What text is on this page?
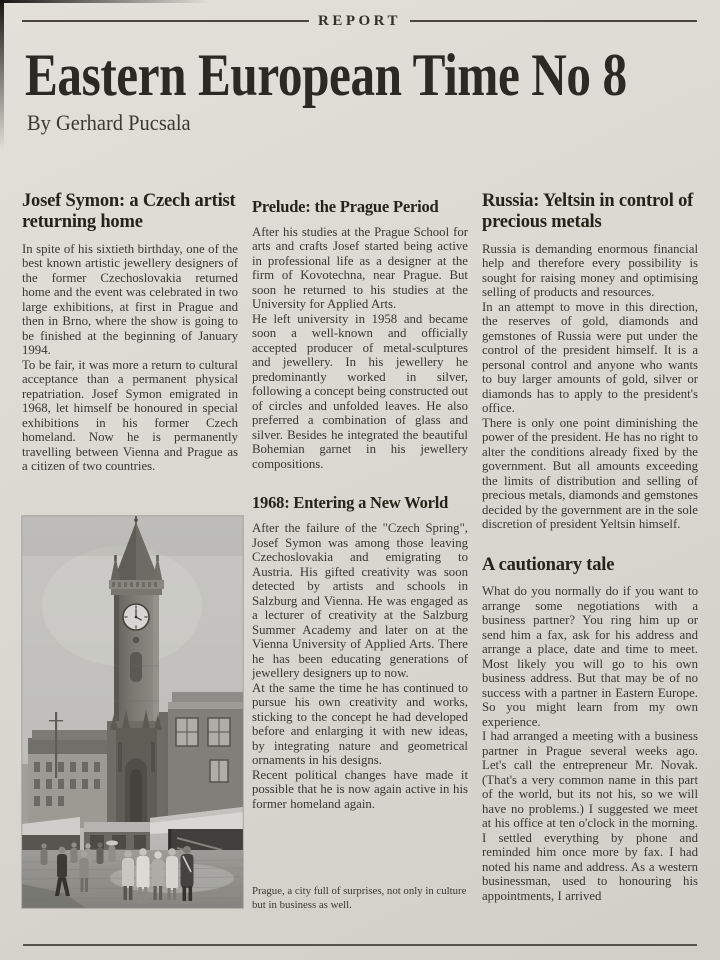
REPORT
Eastern European Time No 8
By Gerhard Pucsala
Josef Symon: a Czech artist returning home

In spite of his sixtieth birthday, one of the best known artistic jewellery designers of the former Czechoslovakia returned home and the event was celebrated in two large exhibitions, at first in Prague and then in Brno, where the show is going to be finished at the beginning of January 1994.

To be fair, it was more a return to cultural acceptance than a permanent physical repatriation. Josef Symon emigrated in 1968, let himself be honoured in special exhibitions in his former Czech homeland. Now he is permanently travelling between Vienna and Prague as a citizen of two countries.

Prelude: the Prague Period

After his studies at the Prague School for arts and crafts Josef started being active in professional life as a designer at the firm of Kovotechna, near Prague. But soon he returned to his studies at the University for Applied Arts.

He left university in 1958 and became soon a well-known and officially accepted producer of metal-sculptures and jewellery. In his jewellery he predominantly worked in silver, following a concept being constructed out of circles and unfolded leaves. He also preferred a combination of glass and silver. Besides he integrated the beautiful Bohemian garnet in his jewellery compositions.

1968: Entering a New World

After the failure of the "Czech Spring", Josef Symon was among those leaving Czechoslovakia and emigrating to Austria. His gifted creativity was soon detected by artists and schools in Salzburg and Vienna. He was engaged as a lecturer of creativity at the Salzburg Summer Academy and later on at the Vienna University of Applied Arts. There he has been educating generations of jewellery designers up to now.

At the same the time he has continued to pursue his own creativity and works, sticking to the concept he had developed before and enlarging it with new ideas, by integrating nature and geometrical ornaments in his designs.

Recent political changes have made it possible that he is now again active in his former homeland again.

Russia: Yeltsin in control of precious metals

Russia is demanding enormous financial help and therefore every possibility is sought for raising money and optimising selling of products and resources.

In an attempt to move in this direction, the reserves of gold, diamonds and gemstones of Russia were put under the control of the president himself. It is a personal control and anyone who wants to buy larger amounts of gold, silver or diamonds has to apply to the president's office.

There is only one point diminishing the power of the president. He has no right to alter the conditions already fixed by the government. But all amounts exceeding the limits of distribution and selling of precious metals, diamonds and gemstones decided by the government are in the sole discretion of president Yeltsin himself.

A cautionary tale

What do you normally do if you want to arrange some negotiations with a business partner? You ring him up or send him a fax, ask for his address and arrange a place, date and time to meet. Most likely you will go to his own business address. But that may be of no success with a partner in Eastern Europe. So you might learn from my own experience.

I had arranged a meeting with a business partner in Prague several weeks ago. Let's call the entrepreneur Mr. Novak. (That's a very common name in this part of the world, but its not his, so we will have no problems.) I suggested we meet at his office at ten o'clock in the morning. I settled everything by phone and reminded him once more by fax. I had noted his name and address. As a western businessman, used to honouring his appointments, I arrived

Prague, a city full of surprises, not only in culture but in business as well.
